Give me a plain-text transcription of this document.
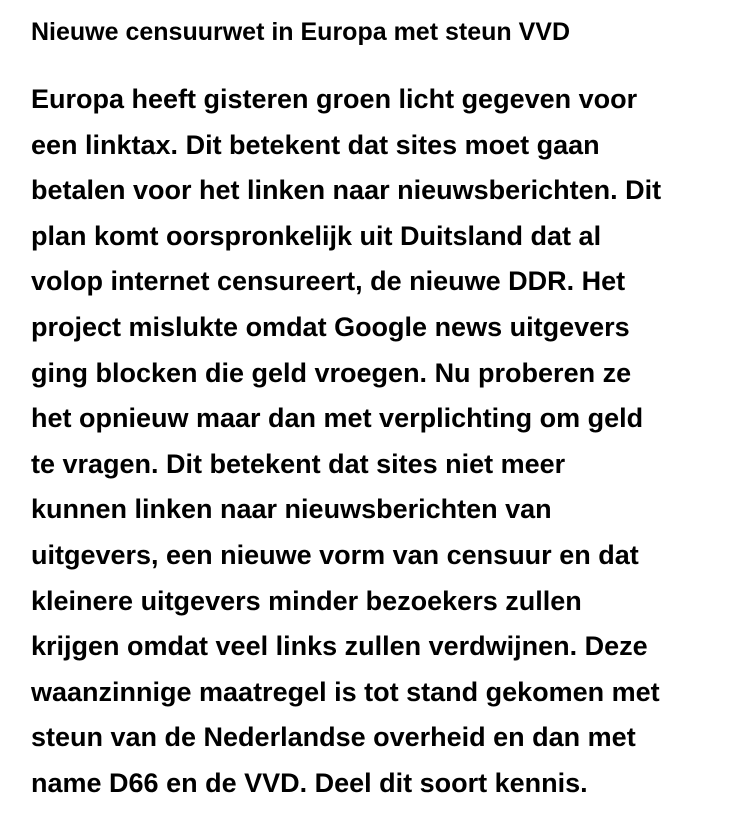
Nieuwe censuurwet in Europa met steun VVD
Europa heeft gisteren groen licht gegeven voor
een linktax. Dit betekent dat sites moet gaan
betalen voor het linken naar nieuwsberichten. Dit
plan komt oorspronkelijk uit Duitsland dat al
volop internet censureert, de nieuwe DDR. Het
project mislukte omdat Google news uitgevers
ging blocken die geld vroegen. Nu proberen ze
het opnieuw maar dan met verplichting om geld
te vragen. Dit betekent dat sites niet meer
kunnen linken naar nieuwsberichten van
uitgevers, een nieuwe vorm van censuur en dat
kleinere uitgevers minder bezoekers zullen
krijgen omdat veel links zullen verdwijnen. Deze
waanzinnige maatregel is tot stand gekomen met
steun van de Nederlandse overheid en dan met
name D66 en de VVD. Deel dit soort kennis.
